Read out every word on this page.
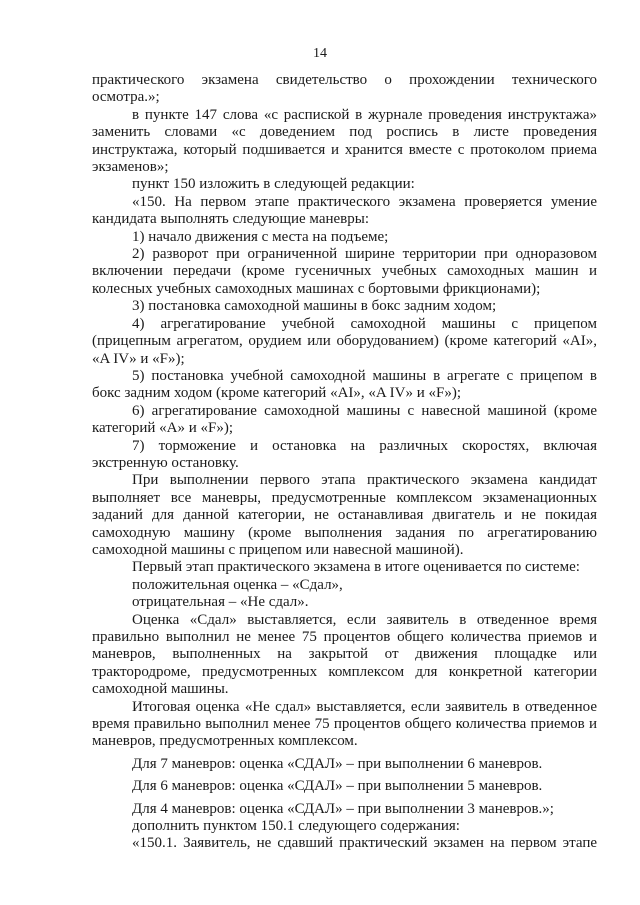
14

практического экзамена свидетельство о прохождении технического осмотра.»;

в пункте 147 слова «с распиской в журнале проведения инструктажа» заменить словами «с доведением под роспись в листе проведения инструктажа, который подшивается и хранится вместе с протоколом приема экзаменов»;

пункт 150 изложить в следующей редакции:

«150. На первом этапе практического экзамена проверяется умение кандидата выполнять следующие маневры:

1) начало движения с места на подъеме;

2) разворот при ограниченной ширине территории при одноразовом включении передачи (кроме гусеничных учебных самоходных машин и колесных учебных самоходных машинах с бортовыми фрикционами);

3) постановка самоходной машины в бокс задним ходом;

4) агрегатирование учебной самоходной машины с прицепом (прицепным агрегатом, орудием или оборудованием) (кроме категорий «AI», «A IV» и «F»);

5) постановка учебной самоходной машины в агрегате с прицепом в бокс задним ходом (кроме категорий «AI», «A IV» и «F»);

6) агрегатирование самоходной машины с навесной машиной (кроме категорий «A» и «F»);

7) торможение и остановка на различных скоростях, включая экстренную остановку.

При выполнении первого этапа практического экзамена кандидат выполняет все маневры, предусмотренные комплексом экзаменационных заданий для данной категории, не останавливая двигатель и не покидая самоходную машину (кроме выполнения задания по агрегатированию самоходной машины с прицепом или навесной машиной).

Первый этап практического экзамена в итоге оценивается по системе:

положительная оценка – «Сдал»,

отрицательная – «Не сдал».

Оценка «Сдал» выставляется, если заявитель в отведенное время правильно выполнил не менее 75 процентов общего количества приемов и маневров, выполненных на закрытой от движения площадке или трактородроме, предусмотренных комплексом для конкретной категории самоходной машины.

Итоговая оценка «Не сдал» выставляется, если заявитель в отведенное время правильно выполнил менее 75 процентов общего количества приемов и маневров, предусмотренных комплексом.

Для 7 маневров: оценка «СДАЛ» – при выполнении 6 маневров.

Для 6 маневров: оценка «СДАЛ» – при выполнении 5 маневров.

Для 4 маневров: оценка «СДАЛ» – при выполнении 3 маневров.»;

дополнить пунктом 150.1 следующего содержания:

«150.1. Заявитель, не сдавший практический экзамен на первом этапе
